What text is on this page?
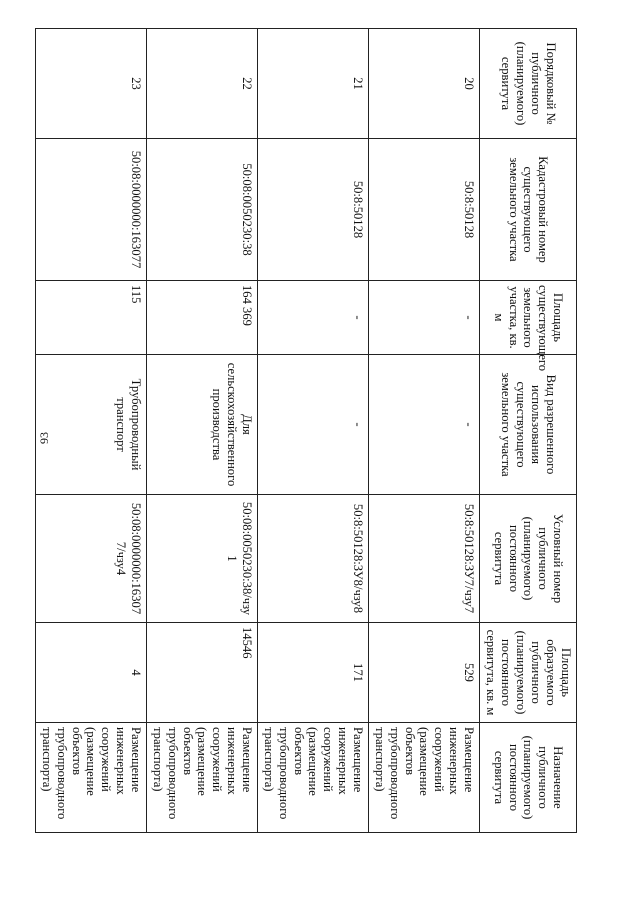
93
Порядковый № публичного (планируемого) сервитута	Кадастровый номер существующего земельного участка	Площадь существующего земельного участка, кв. м	Вид разрешенного использования существующего земельного участка	Условный номер публичного (планируемого) постоянного сервитута	Площадь образуемого публичного (планируемого) постоянного сервитута, кв. м	Назначение публичного (планируемого) постоянного сервитута
20	50:8:50128	-	-	50:8:50128:ЗУ7/чзу7	529	Размещение инженерных сооружений (размещение объектов трубопроводного транспорта)
21	50:8:50128	-	-	50:8:50128:ЗУ8/чзу8	171	Размещение инженерных сооружений (размещение объектов трубопроводного транспорта)
22	50:08:0050230:38	164 369	Для сельскохозяйственного производства	50:08:0050230:38/чзу1	14546	Размещение инженерных сооружений (размещение объектов трубопроводного транспорта)
23	50:08:0000000:163077	115	Трубопроводный транспорт	50:08:0000000:163077/чзу4	4	Размещение инженерных сооружений (размещение объектов трубопроводного транспорта)
